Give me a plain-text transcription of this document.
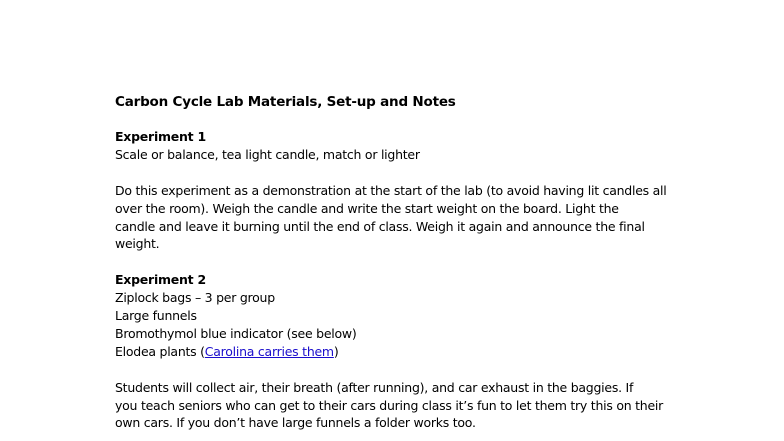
Carbon Cycle Lab Materials, Set-up and Notes

Experiment 1

Scale or balance, tea light candle, match or lighter

Do this experiment as a demonstration at the start of the lab (to avoid having lit candles all

over the room). Weigh the candle and write the start weight on the board. Light the

candle and leave it burning until the end of class. Weigh it again and announce the final

weight.

Experiment 2

Ziplock bags – 3 per group

Large funnels

Bromothymol blue indicator (see below)

Elodea plants (Carolina carries them)

Students will collect air, their breath (after running), and car exhaust in the baggies. If

you teach seniors who can get to their cars during class it’s fun to let them try this on their

own cars. If you don’t have large funnels a folder works too.
